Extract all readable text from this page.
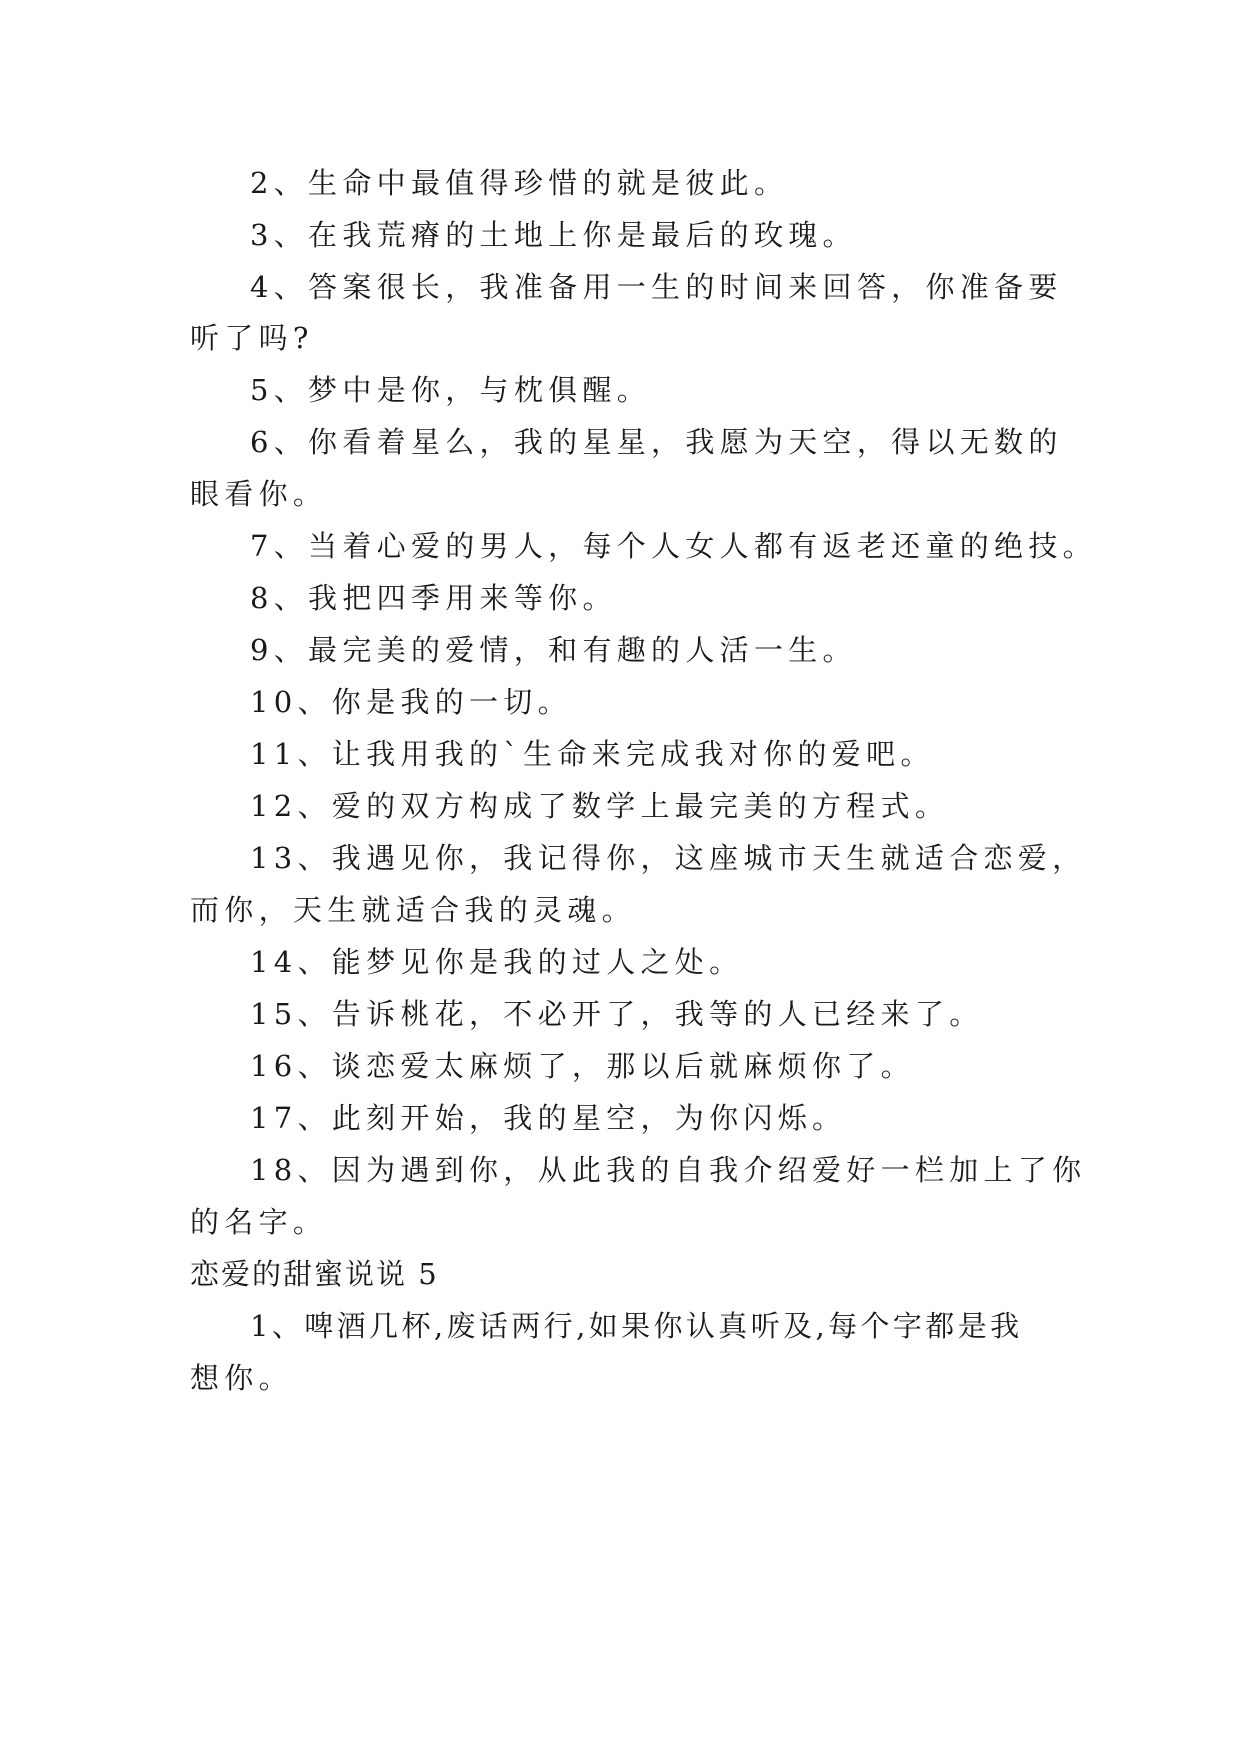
2、生命中最值得珍惜的就是彼此。
3、在我荒瘠的土地上你是最后的玫瑰。
4、答案很长，我准备用一生的时间来回答，你准备要
听了吗?
5、梦中是你，与枕俱醒。
6、你看着星么，我的星星，我愿为天空，得以无数的
眼看你。
7、当着心爱的男人，每个人女人都有返老还童的绝技。
8、我把四季用来等你。
9、最完美的爱情，和有趣的人活一生。
10、你是我的一切。
11、让我用我的`生命来完成我对你的爱吧。
12、爱的双方构成了数学上最完美的方程式。
13、我遇见你，我记得你，这座城市天生就适合恋爱，
而你，天生就适合我的灵魂。
14、能梦见你是我的过人之处。
15、告诉桃花，不必开了，我等的人已经来了。
16、谈恋爱太麻烦了，那以后就麻烦你了。
17、此刻开始，我的星空，为你闪烁。
18、因为遇到你，从此我的自我介绍爱好一栏加上了你
的名字。
恋爱的甜蜜说说 5
1、啤酒几杯,废话两行,如果你认真听及,每个字都是我
想你。
